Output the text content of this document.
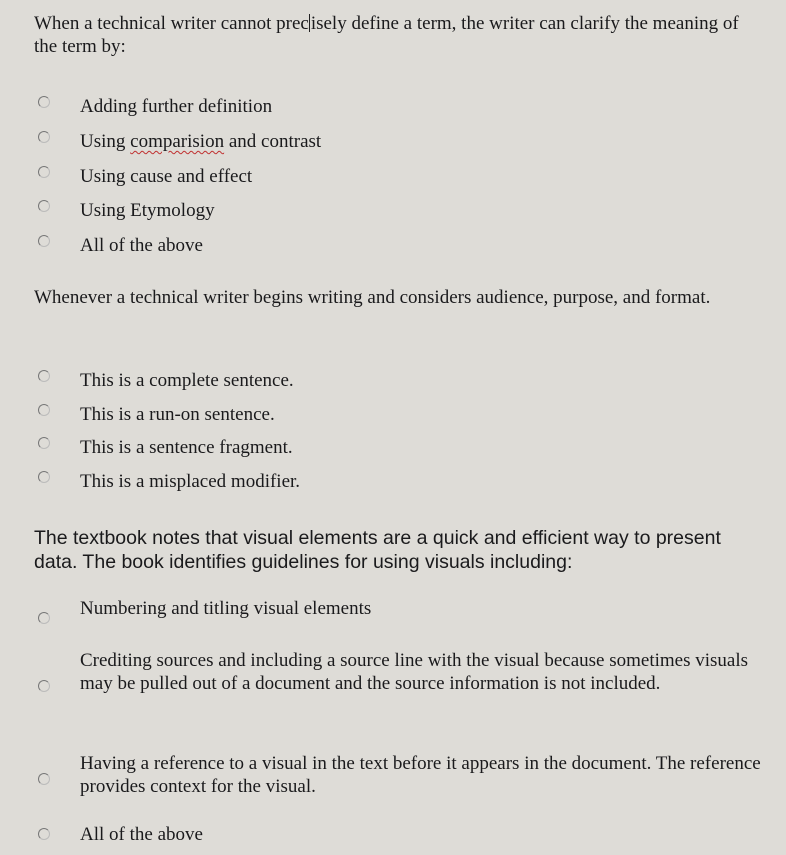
When a technical writer cannot prec isely define a term, the writer can clarify the meaning of the term by:

Adding further definition
Using comparision and contrast
Using cause and effect
Using Etymology
All of the above

Whenever a technical writer begins writing and considers audience, purpose, and format.

This is a complete sentence.
This is a run-on sentence.
This is a sentence fragment.
This is a misplaced modifier.

The textbook notes that visual elements are a quick and efficient way to present data. The book identifies guidelines for using visuals including:

Numbering and titling visual elements
Crediting sources and including a source line with the visual because sometimes visuals may be pulled out of a document and the source information is not included.
Having a reference to a visual in the text before it appears in the document. The reference provides context for the visual.
All of the above
